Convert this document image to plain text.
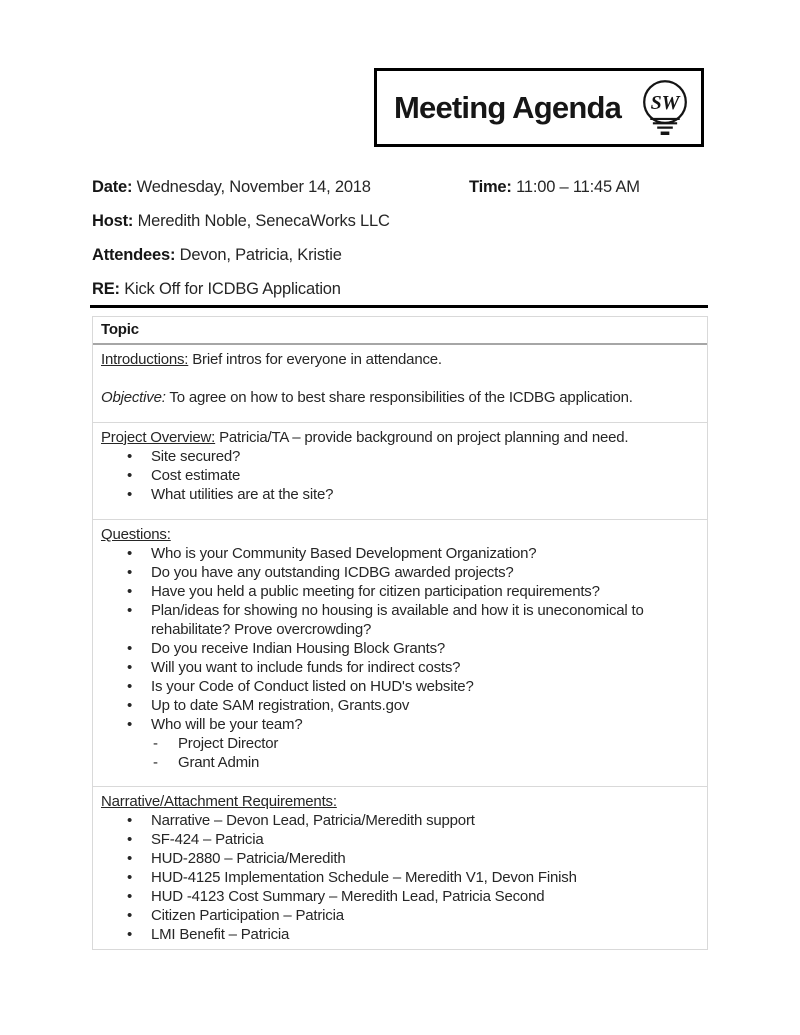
Meeting Agenda	SW
Date: Wednesday, November 14, 2018	Time: 11:00 – 11:45 AM
Host: Meredith Noble, SenecaWorks LLC
Attendees: Devon, Patricia, Kristie
RE: Kick Off for ICDBG Application
Topic
Introductions: Brief intros for everyone in attendance.
Objective: To agree on how to best share responsibilities of the ICDBG application.
Project Overview: Patricia/TA – provide background on project planning and need.
• Site secured?
• Cost estimate
• What utilities are at the site?
Questions:
• Who is your Community Based Development Organization?
• Do you have any outstanding ICDBG awarded projects?
• Have you held a public meeting for citizen participation requirements?
• Plan/ideas for showing no housing is available and how it is uneconomical to rehabilitate? Prove overcrowding?
• Do you receive Indian Housing Block Grants?
• Will you want to include funds for indirect costs?
• Is your Code of Conduct listed on HUD's website?
• Up to date SAM registration, Grants.gov
• Who will be your team?
- Project Director
- Grant Admin
Narrative/Attachment Requirements:
• Narrative – Devon Lead, Patricia/Meredith support
• SF-424 – Patricia
• HUD-2880 – Patricia/Meredith
• HUD-4125 Implementation Schedule – Meredith V1, Devon Finish
• HUD -4123 Cost Summary – Meredith Lead, Patricia Second
• Citizen Participation – Patricia
• LMI Benefit – Patricia
